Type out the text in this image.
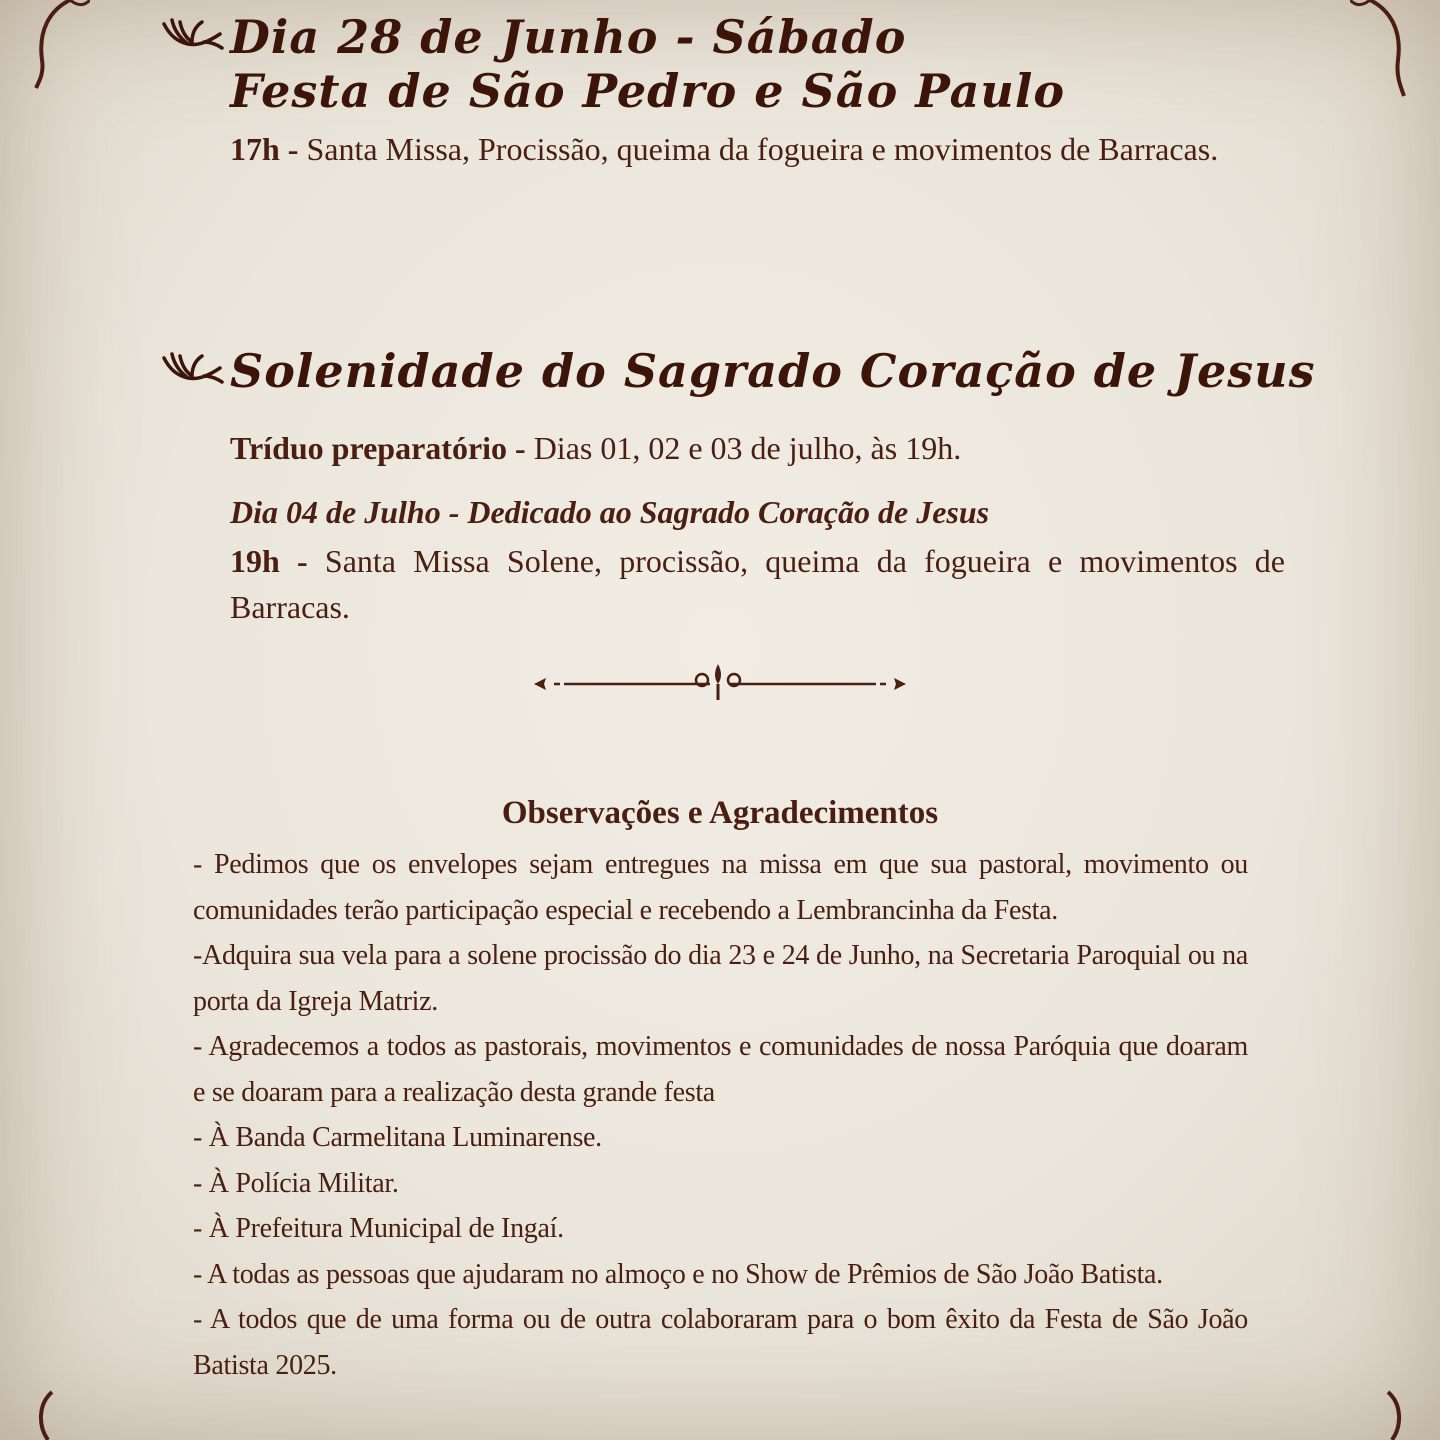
Dia 28 de Junho - Sábado
Festa de São Pedro e São Paulo
17h - Santa Missa, Procissão, queima da fogueira e movimentos de Barracas.
Solenidade do Sagrado Coração de Jesus
Tríduo preparatório - Dias 01, 02 e 03 de julho, às 19h.
Dia 04 de Julho - Dedicado ao Sagrado Coração de Jesus
19h - Santa Missa Solene, procissão, queima da fogueira e movimentos de Barracas.
Observações e Agradecimentos

- Pedimos que os envelopes sejam entregues na missa em que sua pastoral, movimento ou comunidades terão participação especial e recebendo a Lembrancinha da Festa.

-Adquira sua vela para a solene procissão do dia 23 e 24 de Junho, na Secretaria Paroquial ou na porta da Igreja Matriz.

- Agradecemos a todos as pastorais, movimentos e comunidades de nossa Paróquia que doaram e se doaram para a realização desta grande festa

- À Banda Carmelitana Luminarense.

- À Polícia Militar.

- À Prefeitura Municipal de Ingaí.

- A todas as pessoas que ajudaram no almoço e no Show de Prêmios de São João Batista.

- A todos que de uma forma ou de outra colaboraram para o bom êxito da Festa de São João Batista 2025.
